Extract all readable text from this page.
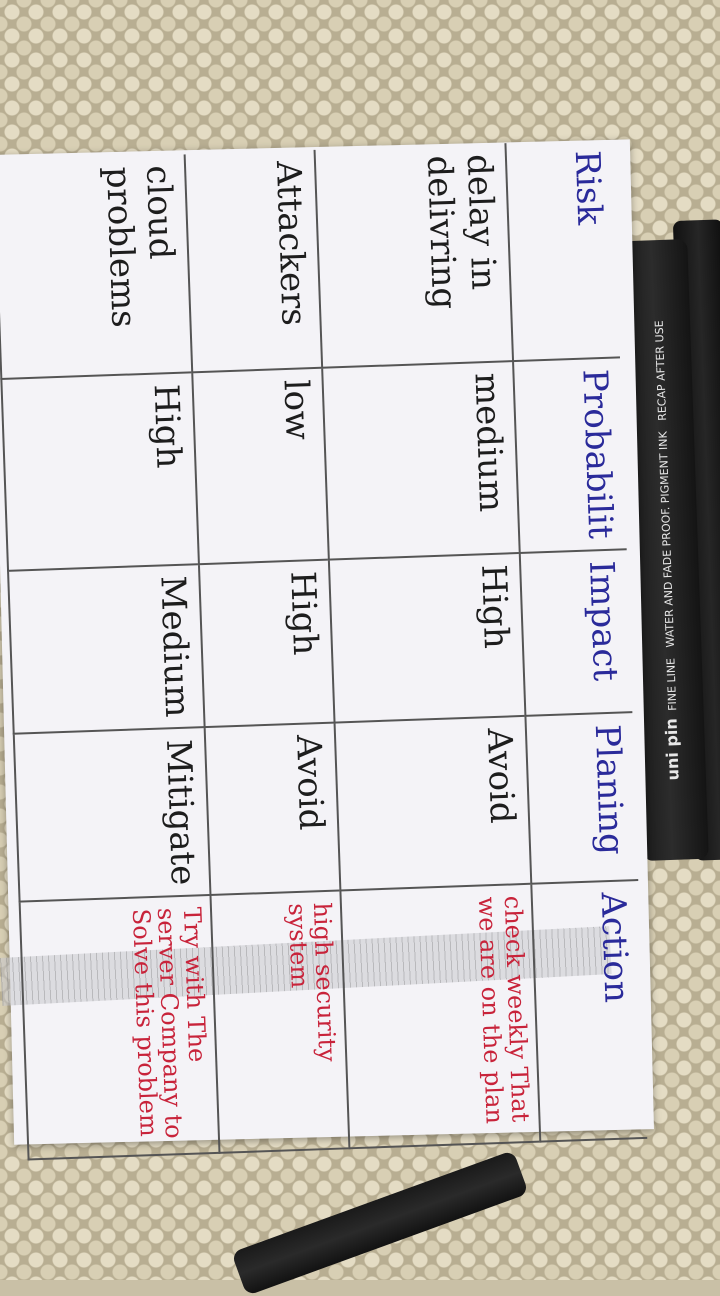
uni pin FINE LINE   WATER AND FADE PROOF. PIGMENT INK   RECAP AFTER USE
Risk	Probabilit	Impact	Planing	Action
delay in delivring	medium	High	Avoid	check weekly That we are on the plan
Attackers	low	High	Avoid	high security system
cloud problems	High	Medium	Mitigate	Try with The server Company to Solve this problem
